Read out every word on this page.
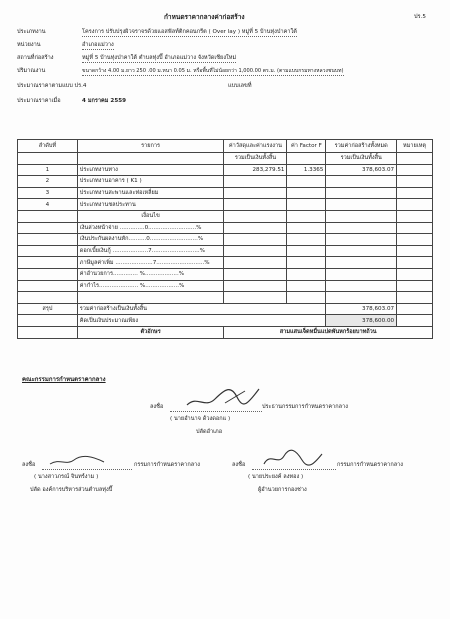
กำหนดราคากลางค่าก่อสร้าง	ปร.5
ประเภทงาน	โครงการ ปรับปรุงผิวจราจรด้วยแอสฟัลท์ติกคอนกรีต ( Over lay ) หมู่ที่ 5 บ้านทุ่งป่าคาใต้
หน่วยงาน	อำเภอแม่วาง
สถานที่ก่อสร้าง	หมู่ที่ 5 บ้านทุ่งป่าคาใต้ ตำบลทุ่งปี๊ อำเภอแม่วาง จังหวัดเชียงใหม่
ปริมาณงาน	ขนาดกว้าง 4.00 ม.ยาว 250 .00 ม.หนา 0.05 ม. หรือพื้นที่ไม่น้อยกว่า 1,000.00 ตร.ม. (ตามแบบกรมทางหลวงชนบท)
ประมาณราคาตามแบบ ปร.4	แบบเลขที่
ประมาณราคาเมื่อ	4 มกราคม 2559
ลำดับที่	รายการ	ค่าวัสดุและค่าแรงงาน	ค่า Factor F	รวมค่าก่อสร้างทั้งหมด	หมายเหตุ
		รวมเป็นเงินทั้งสิ้น		รวมเป็นเงินทั้งสิ้น	
1	ประเภทงานทาง	283,279.51	1.3365	378,603.07	
2	ประเภทงานอาคาร ( K1 )				
3	ประเภทงานสะพานและท่อเหลี่ยม				
4	ประเภทงานชลประทาน				
	เงื่อนไข				
	เงินล่วงหน้าจ่าย ..............0...........................%				
	เงินประกันผลงานหัก..........0...........................%				
	ดอกเบี้ยเงินกู้ ....................7...........................%				
	ภาษีมูลค่าเพิ่ม .....................7...........................%				
	ค่าอำนวยการ.............. %...................%				
	ค่ากำไร...................... %...................%				

สรุป	รวมค่าก่อสร้างเป็นเงินทั้งสิ้น			378,603.07	
	คิดเป็นเงินประมาณเพียง			378,600.00	
	ตัวอักษร	สามแสนเจ็ดหมื่นแปดพันหกร้อยบาทถ้วน			
คณะกรรมการกำหนดราคากลาง
ลงชื่อ
	ประธานกรรมการกำหนดราคากลาง
( นายอำนาจ ด้วงดอกแ )
ปลัดอำเภอ
ลงชื่อ
	กรรมการกำหนดราคากลาง
( นางสาวภรณ์ จินทร์งาม )
ปลัด องค์การบริหารส่วนตำบลทุ่งปี๊
ลงชื่อ
	กรรมการกำหนดราคากลาง
( นายประยงค์ ลงทอง )
ผู้อำนวยการกองช่าง
